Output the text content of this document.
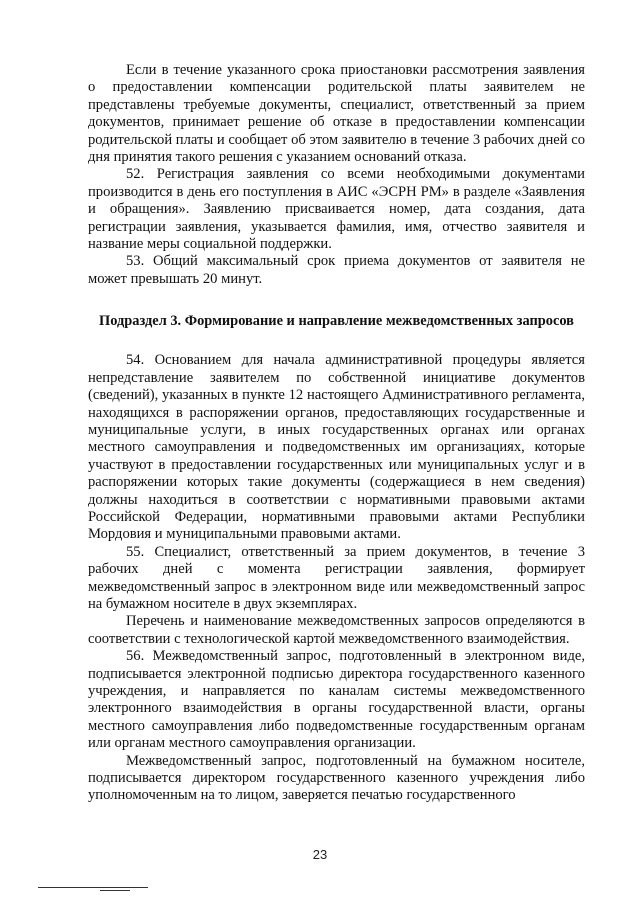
Если в течение указанного срока приостановки рассмотрения заявления о предоставлении компенсации родительской платы заявителем не представлены требуемые документы, специалист, ответственный за прием документов, принимает решение об отказе в предоставлении компенсации родительской платы и сообщает об этом заявителю в течение 3 рабочих дней со дня принятия такого решения с указанием оснований отказа.

52. Регистрация заявления со всеми необходимыми документами производится в день его поступления в АИС «ЭСРН РМ» в разделе «Заявления и обращения». Заявлению присваивается номер, дата создания, дата регистрации заявления, указывается фамилия, имя, отчество заявителя и название меры социальной поддержки.

53. Общий максимальный срок приема документов от заявителя не может превышать 20 минут.

Подраздел 3. Формирование и направление межведомственных запросов

54. Основанием для начала административной процедуры является непредставление заявителем по собственной инициативе документов (сведений), указанных в пункте 12 настоящего Административного регламента, находящихся в распоряжении органов, предоставляющих государственные и муниципальные услуги, в иных государственных органах или органах местного самоуправления и подведомственных им организациях, которые участвуют в предоставлении государственных или муниципальных услуг и в распоряжении которых такие документы (содержащиеся в нем сведения) должны находиться в соответствии с нормативными правовыми актами Российской Федерации, нормативными правовыми актами Республики Мордовия и муниципальными правовыми актами.

55. Специалист, ответственный за прием документов, в течение 3 рабочих дней с момента регистрации заявления, формирует межведомственный запрос в электронном виде или межведомственный запрос на бумажном носителе в двух экземплярах.

Перечень и наименование межведомственных запросов определяются в соответствии с технологической картой межведомственного взаимодействия.

56. Межведомственный запрос, подготовленный в электронном виде, подписывается электронной подписью директора государственного казенного учреждения, и направляется по каналам системы межведомственного электронного взаимодействия в органы государственной власти, органы местного самоуправления либо подведомственные государственным органам или органам местного самоуправления организации.

Межведомственный запрос, подготовленный на бумажном носителе, подписывается директором государственного казенного учреждения либо уполномоченным на то лицом, заверяется печатью государственного

23
